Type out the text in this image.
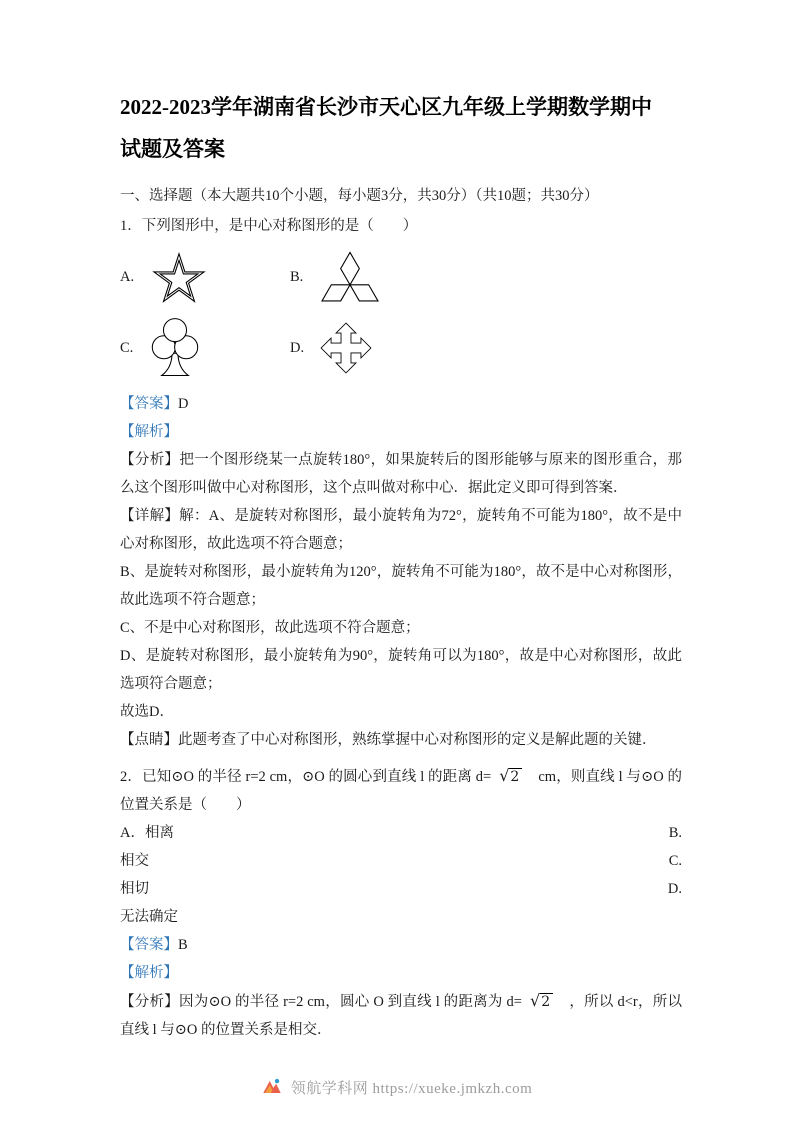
2022-2023学年湖南省长沙市天心区九年级上学期数学期中试题及答案

一、选择题（本大题共10个小题，每小题3分，共30分）（共10题；共30分）

1．下列图形中，是中心对称图形的是（　　）

A.	B.
C.	D.

【答案】D

【解析】

【分析】把一个图形绕某一点旋转180°，如果旋转后的图形能够与原来的图形重合，那么这个图形叫做中心对称图形，这个点叫做对称中心．据此定义即可得到答案．

【详解】解：A、是旋转对称图形，最小旋转角为72°，旋转角不可能为180°，故不是中心对称图形，故此选项不符合题意；

B、是旋转对称图形，最小旋转角为120°，旋转角不可能为180°，故不是中心对称图形，故此选项不符合题意；

C、不是中心对称图形，故此选项不符合题意；

D、是旋转对称图形，最小旋转角为90°，旋转角可以为180°，故是中心对称图形，故此选项符合题意；

故选D．

【点睛】此题考查了中心对称图形，熟练掌握中心对称图形的定义是解此题的关键．

2．已知⊙O 的半径 r=2 cm，⊙O 的圆心到直线 l 的距离 d= √2 cm，则直线 l 与⊙O 的位置关系是（　　）

A．相离	B.
相交	C.
相切	D.
无法确定

【答案】B

【解析】

【分析】因为⊙O 的半径 r=2 cm，圆心 O 到直线 l 的距离为 d= √2 ，所以 d<r，所以直线 l 与⊙O 的位置关系是相交．

领航学科网 https://xueke.jmkzh.com
